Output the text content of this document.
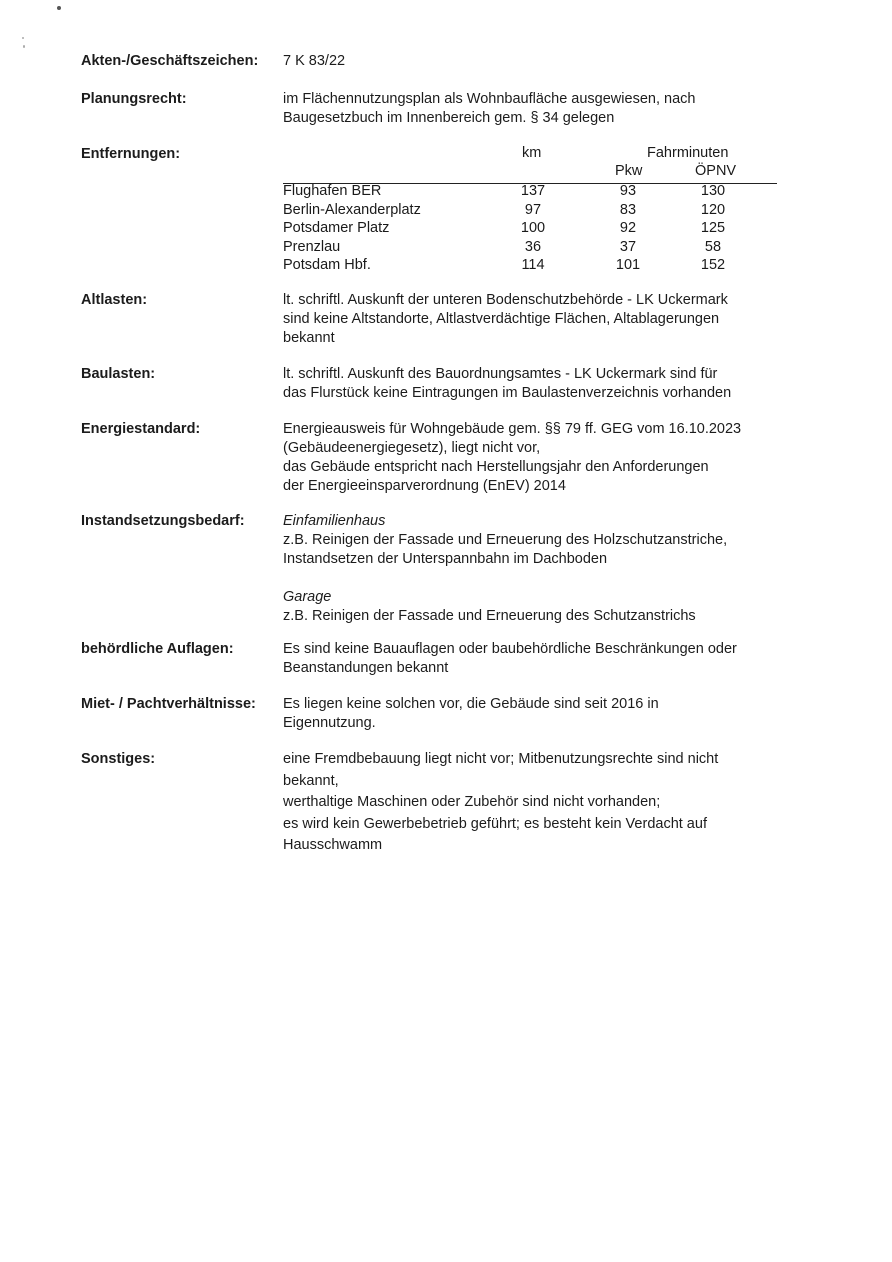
Akten-/Geschäftszeichen: 7 K 83/22
Planungsrecht:	im Flächennutzungsplan als Wohnbaufläche ausgewiesen, nach
Baugesetzbuch im Innenbereich gem. § 34 gelegen
Entfernungen:	km	Fahrminuten
Pkw	ÖPNV
Flughafen BER	137	93	130
Berlin-Alexanderplatz	97	83	120
Potsdamer Platz	100	92	125
Prenzlau	36	37	58
Potsdam Hbf.	114	101	152
Altlasten:	lt. schriftl. Auskunft der unteren Bodenschutzbehörde - LK Uckermark
sind keine Altstandorte, Altlastverdächtige Flächen, Altablagerungen
bekannt
Baulasten:	lt. schriftl. Auskunft des Bauordnungsamtes - LK Uckermark sind für
das Flurstück keine Eintragungen im Baulastenverzeichnis vorhanden
Energiestandard:	Energieausweis für Wohngebäude gem. §§ 79 ff. GEG vom 16.10.2023
(Gebäudeenergiegesetz), liegt nicht vor,
das Gebäude entspricht nach Herstellungsjahr den Anforderungen
der Energieeinsparverordnung (EnEV) 2014
Instandsetzungsbedarf:	Einfamilienhaus
z.B. Reinigen der Fassade und Erneuerung des Holzschutzanstriche,
Instandsetzen der Unterspannbahn im Dachboden
Garage
z.B. Reinigen der Fassade und Erneuerung des Schutzanstrichs
behördliche Auflagen:	Es sind keine Bauauflagen oder baubehördliche Beschränkungen oder
Beanstandungen bekannt
Miet- / Pachtverhältnisse: Es liegen keine solchen vor, die Gebäude sind seit 2016 in
Eigennutzung.
Sonstiges:	eine Fremdbebauung liegt nicht vor; Mitbenutzungsrechte sind nicht
bekannt,
werthaltige Maschinen oder Zubehör sind nicht vorhanden;
es wird kein Gewerbebetrieb geführt; es besteht kein Verdacht auf
Hausschwamm
